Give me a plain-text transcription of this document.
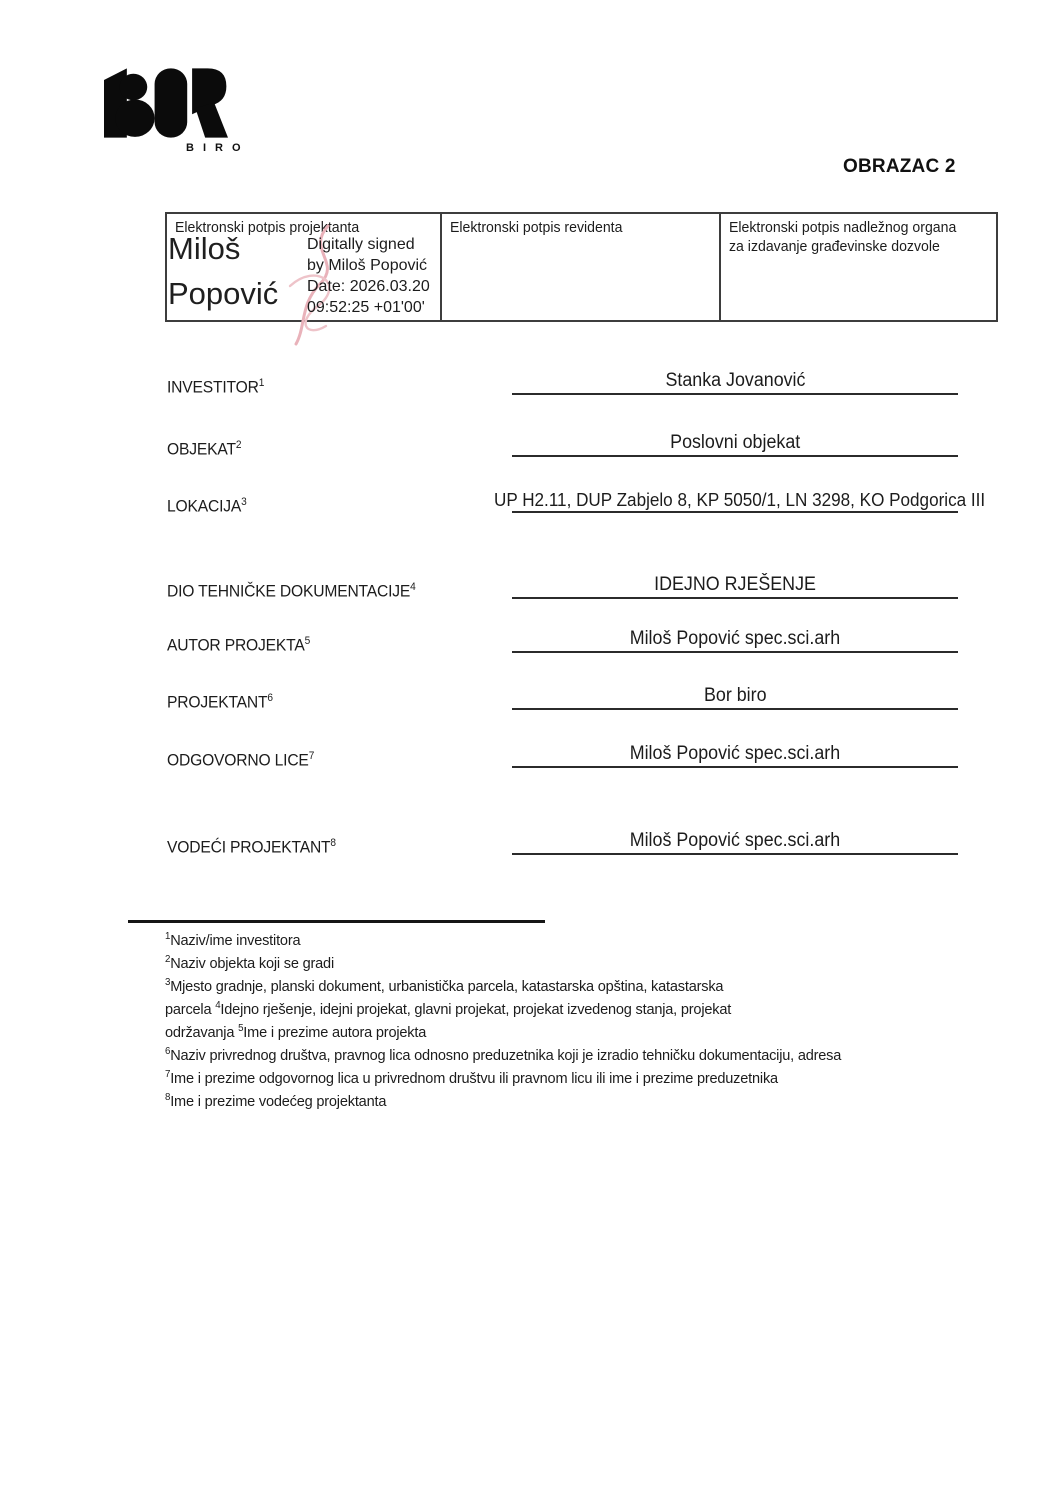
BIRO
OBRAZAC 2
Elektronski potpis projektanta	Elektronski potpis revidenta	Elektronski potpis nadležnog organa za izdavanje građevinske dozvole
Miloš
Popović
Digitally signed
by Miloš Popović
Date: 2026.03.20
09:52:25 +01'00'
INVESTITOR$^1$	Stanka Jovanović
OBJEKAT$^2$	Poslovni objekat
LOKACIJA$^3$	UP H2.11, DUP Zabjelo 8, KP 5050/1, LN 3298, KO Podgorica III
DIO TEHNIČKE DOKUMENTACIJE$^4$	IDEJNO RJEŠENJE
AUTOR PROJEKTA$^5$	Miloš Popović spec.sci.arh
PROJEKTANT$^6$	Bor biro
ODGOVORNO LICE$^7$	Miloš Popović spec.sci.arh
VODEĆI PROJEKTANT$^8$	Miloš Popović spec.sci.arh
$^1$Naziv/ime investitora
$^2$Naziv objekta koji se gradi
$^3$Mjesto gradnje, planski dokument, urbanistička parcela, katastarska opština, katastarska
parcela $^4$Idejno rješenje, idejni projekat, glavni projekat, projekat izvedenog stanja, projekat
održavanja $^5$Ime i prezime autora projekta
$^6$Naziv privrednog društva, pravnog lica odnosno preduzetnika koji je izradio tehničku dokumentaciju, adresa
$^7$Ime i prezime odgovornog lica u privrednom društvu ili pravnom licu ili ime i prezime preduzetnika
$^8$Ime i prezime vodećeg projektanta
